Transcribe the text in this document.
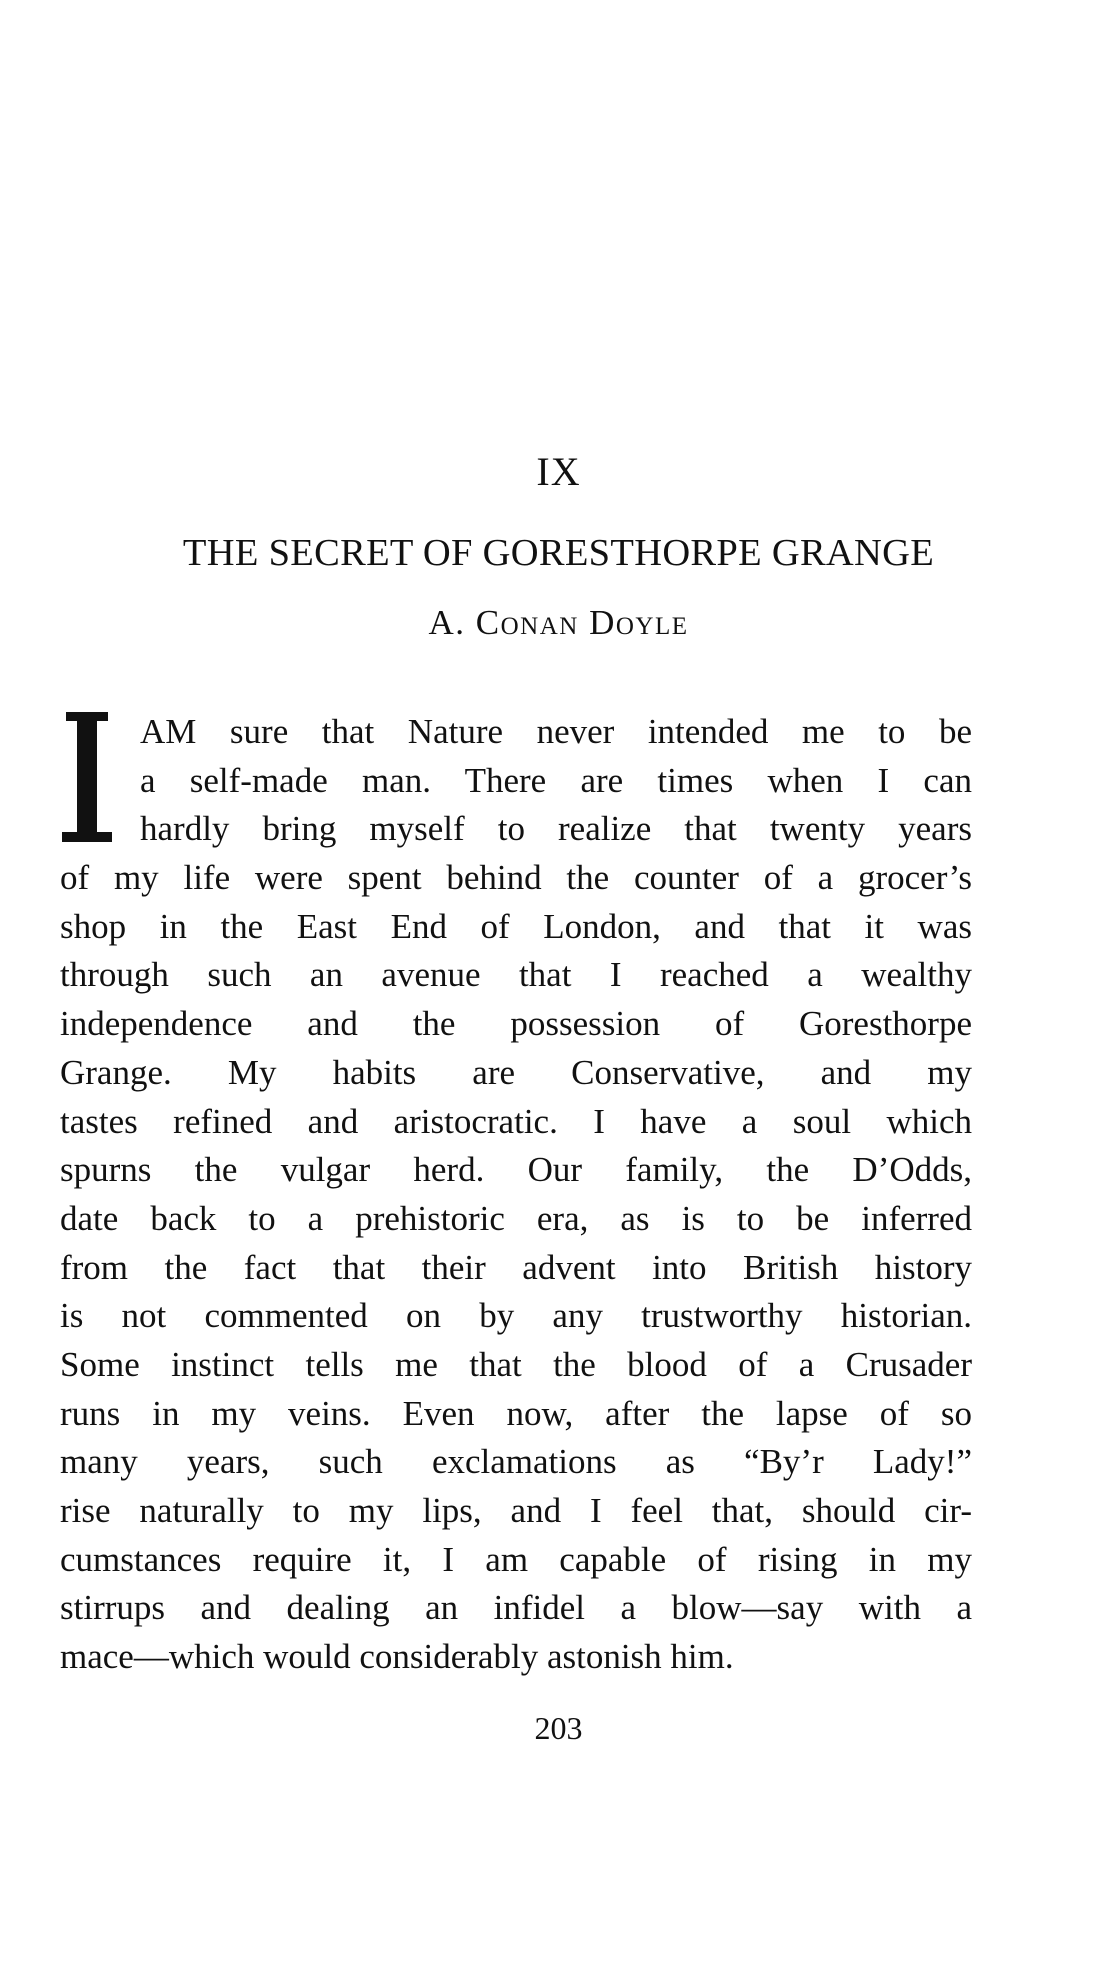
IX
THE SECRET OF GORESTHORPE GRANGE
A. Conan Doyle
AM sure that Nature never intended me to be
a self-made man. There are times when I can
hardly bring myself to realize that twenty years
of my life were spent behind the counter of a grocer’s
shop in the East End of London, and that it was
through such an avenue that I reached a wealthy
independence and the possession of Goresthorpe
Grange. My habits are Conservative, and my
tastes refined and aristocratic. I have a soul which
spurns the vulgar herd. Our family, the D’Odds,
date back to a prehistoric era, as is to be inferred
from the fact that their advent into British history
is not commented on by any trustworthy historian.
Some instinct tells me that the blood of a Crusader
runs in my veins. Even now, after the lapse of so
many years, such exclamations as “By’r Lady!”
rise naturally to my lips, and I feel that, should cir-
cumstances require it, I am capable of rising in my
stirrups and dealing an infidel a blow—say with a
mace—which would considerably astonish him.
203
